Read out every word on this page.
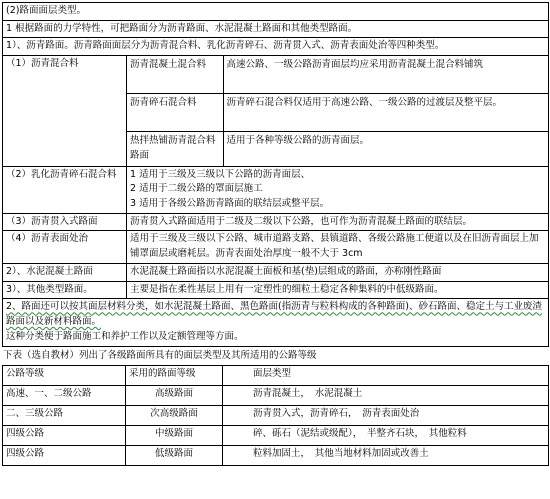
(2)路面面层类型。
1 根据路面的力学特性，可把路面分为沥青路面、水泥混凝土路面和其他类型路面。
1）、沥青路面。沥青路面面层分为沥青混合料、乳化沥青碎石、沥青贯入式、沥青表面处治等四种类型。
（1）沥青混合料		沥青混凝土混合料	高速公路、一级公路沥青面层均应采用沥青混凝土混合料铺筑
沥青碎石混合料	沥青碎石混合料仅适用于高速公路、一级公路的过渡层及整平层。
热拌热铺沥青混合料路面	适用于各种等级公路的沥青面层。

（2）乳化沥青碎石混合料	1 适用于三级及三级以下公路的沥青面层、
2 适用于二级公路的罩面层施工
3 适用于各级公路沥青路面的联结层或整平层。

（3）沥青贯入式路面	沥青贯入式路面适用于二级及二级以下公路，也可作为沥青混凝土路面的联结层。
（4）沥青表面处治	适用于三级及三级以下公路、城市道路支路、县镇道路、各级公路施工便道以及在旧沥青面层上加铺罩面层或磨耗层。沥青表面处治厚度一般不大于 3cm
2）、水泥混凝土路面	水泥混凝土路面指以水泥混凝土面板和基(垫)层组成的路面，亦称刚性路面
3）、其他类型路面。	主要是指在柔性基层上用有一定塑性的细粒土稳定各种集料的中低级路面。
2、路面还可以按其面层材料分类，如水泥混凝土路面、黑色路面(指沥青与粒料构成的各种路面)、砂石路面、稳定土与工业废渣路面以及新材料路面。
这种分类便于路面施工和养护工作以及定额管理等方面。
下表（选自教材）列出了各级路面所具有的面层类型及其所适用的公路等级
公路等级	采用的路面等级	面层类型
高速、一、二级公路	高级路面	沥青混凝土，　水泥混凝土
二、三级公路	次高级路面	沥青贯入式，沥青碎石，　沥青表面处治
四级公路	中级路面	碎、砾石（泥结或级配），　半整齐石块，　其他粒料
四级公路	低级路面	粒料加固土，　其他当地材料加固或改善土
